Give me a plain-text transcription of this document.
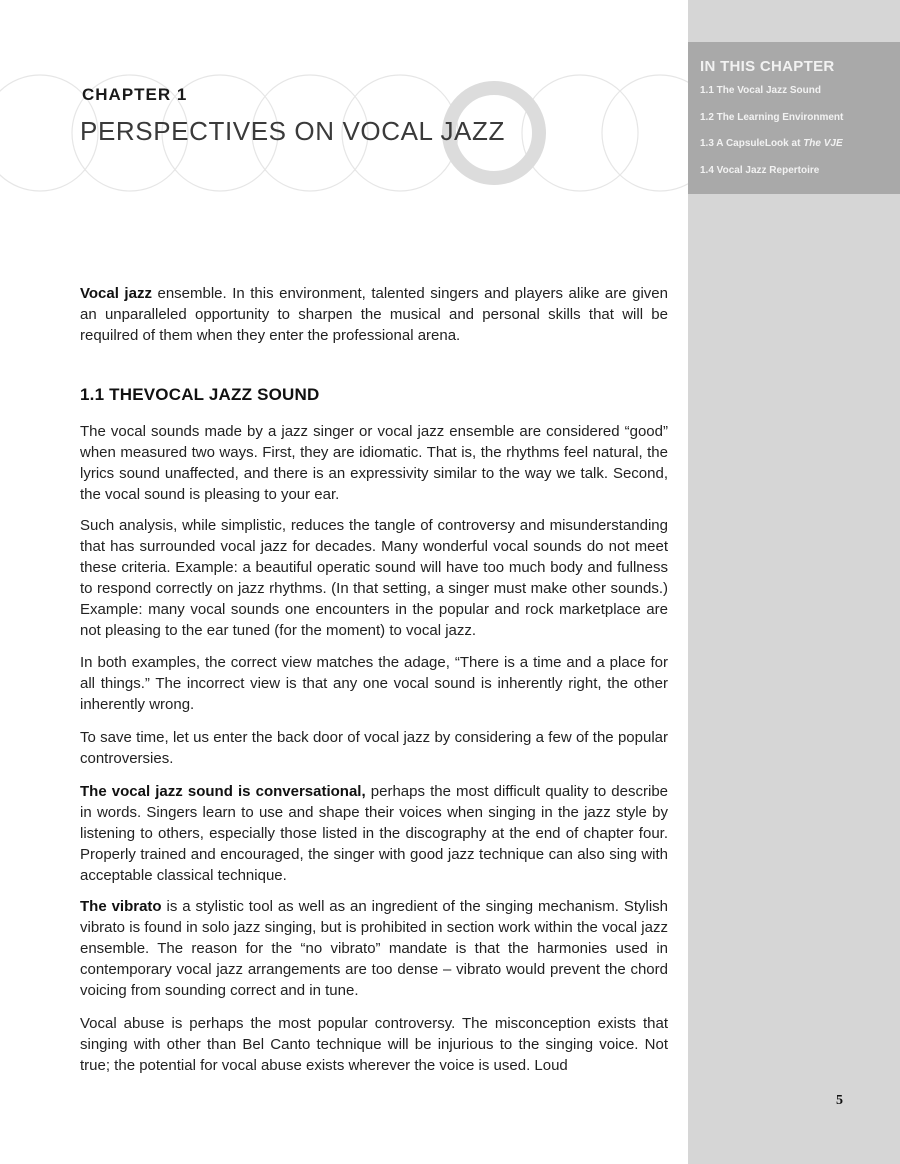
IN THIS CHAPTER
1.1 The Vocal Jazz Sound
1.2 The Learning Environment
1.3 A CapsuleLook at The VJE
1.4 Vocal Jazz Repertoire
CHAPTER 1
PERSPECTIVES ON VOCAL JAZZ
Vocal jazz ensemble. In this environment, talented singers and players alike are given an unparalleled opportunity to sharpen the musical and personal skills that will be requilred of them when they enter the professional arena.
1.1 THEVOCAL JAZZ SOUND
The vocal sounds made by a jazz singer or vocal jazz ensemble are considered “good” when measured two ways. First, they are idiomatic. That is, the rhythms feel natural, the lyrics sound unaffected, and there is an expressivity similar to the way we talk. Second, the vocal sound is pleasing to your ear.
Such analysis, while simplistic, reduces the tangle of controversy and misunderstanding that has surrounded vocal jazz for decades. Many wonderful vocal sounds do not meet these criteria. Example: a beautiful operatic sound will have too much body and fullness to respond correctly on jazz rhythms. (In that setting, a singer must make other sounds.) Example: many vocal sounds one encounters in the popular and rock marketplace are not pleasing to the ear tuned (for the moment) to vocal jazz.
In both examples, the correct view matches the adage, “There is a time and a place for all things.” The incorrect view is that any one vocal sound is inherently right, the other inherently wrong.
To save time, let us enter the back door of vocal jazz by considering a few of the popular controversies.
The vocal jazz sound is conversational, perhaps the most difficult quality to describe in words. Singers learn to use and shape their voices when singing in the jazz style by listening to others, especially those listed in the discography at the end of chapter four. Properly trained and encouraged, the singer with good jazz technique can also sing with acceptable classical technique.
The vibrato is a stylistic tool as well as an ingredient of the singing mechanism. Stylish vibrato is found in solo jazz singing, but is prohibited in section work within the vocal jazz ensemble. The reason for the “no vibrato” mandate is that the harmonies used in contemporary vocal jazz arrangements are too dense – vibrato would prevent the chord voicing from sounding correct and in tune.
Vocal abuse is perhaps the most popular controversy. The misconception exists that singing with other than Bel Canto technique will be injurious to the singing voice. Not true; the potential for vocal abuse exists wherever the voice is used. Loud
5
